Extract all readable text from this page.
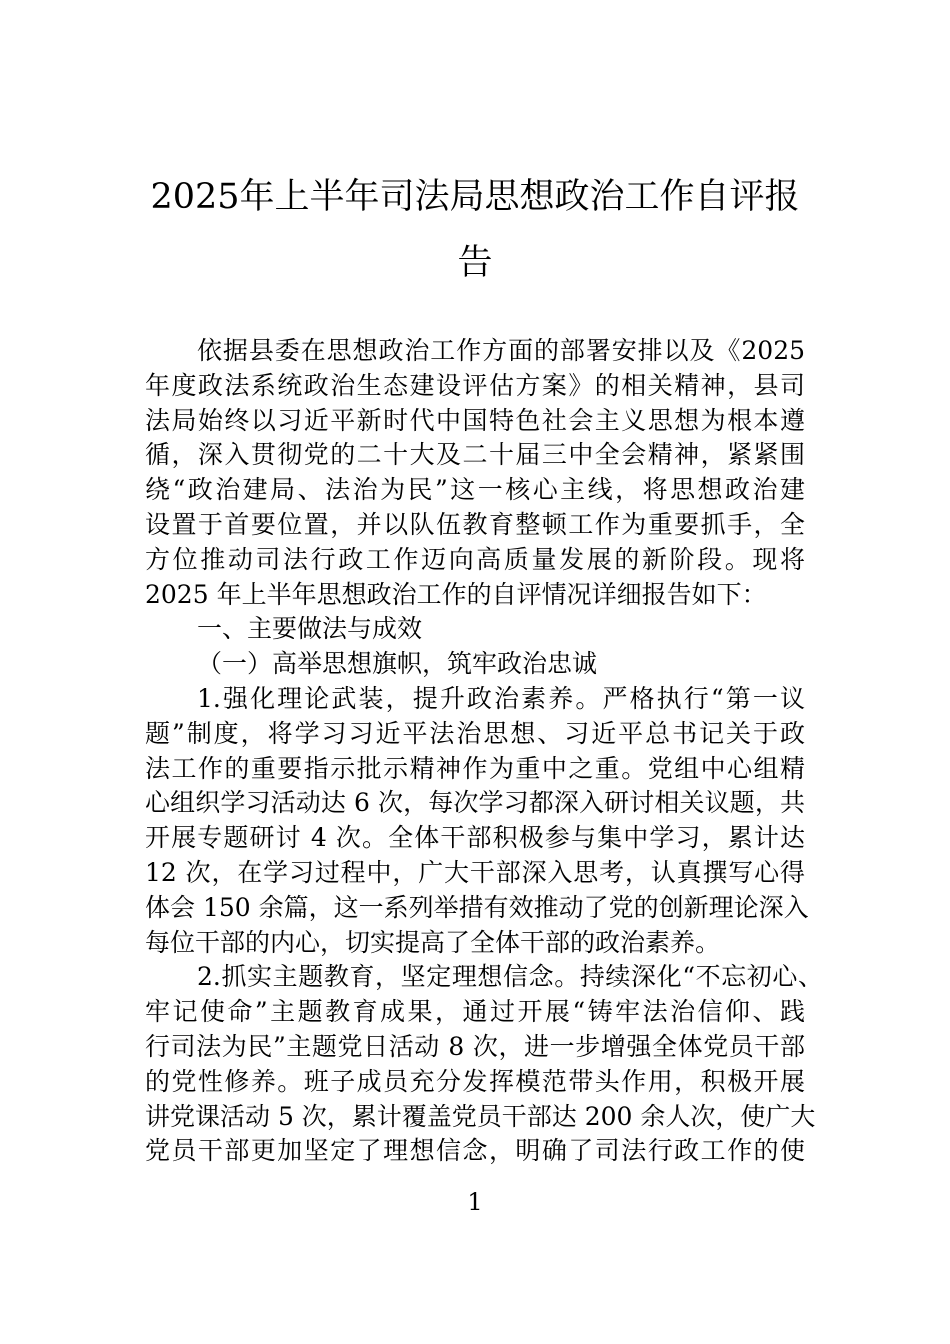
2025年上半年司法局思想政治工作自评报
告
依据县委在思想政治工作方面的部署安排以及《2025
年度政法系统政治生态建设评估方案》的相关精神，县司
法局始终以习近平新时代中国特色社会主义思想为根本遵
循，深入贯彻党的二十大及二十届三中全会精神，紧紧围
绕“政治建局、法治为民”这一核心主线，将思想政治建
设置于首要位置，并以队伍教育整顿工作为重要抓手，全
方位推动司法行政工作迈向高质量发展的新阶段。现将
2025 年上半年思想政治工作的自评情况详细报告如下：
一、主要做法与成效
（一）高举思想旗帜，筑牢政治忠诚
1.强化理论武装，提升政治素养。严格执行“第一议
题”制度，将学习习近平法治思想、习近平总书记关于政
法工作的重要指示批示精神作为重中之重。党组中心组精
心组织学习活动达 6 次，每次学习都深入研讨相关议题，共
开展专题研讨 4 次。全体干部积极参与集中学习，累计达
12 次，在学习过程中，广大干部深入思考，认真撰写心得
体会 150 余篇，这一系列举措有效推动了党的创新理论深入
每位干部的内心，切实提高了全体干部的政治素养。
2.抓实主题教育，坚定理想信念。持续深化“不忘初心、
牢记使命”主题教育成果，通过开展“铸牢法治信仰、践
行司法为民”主题党日活动 8 次，进一步增强全体党员干部
的党性修养。班子成员充分发挥模范带头作用，积极开展
讲党课活动 5 次，累计覆盖党员干部达 200 余人次，使广大
党员干部更加坚定了理想信念，明确了司法行政工作的使
1
